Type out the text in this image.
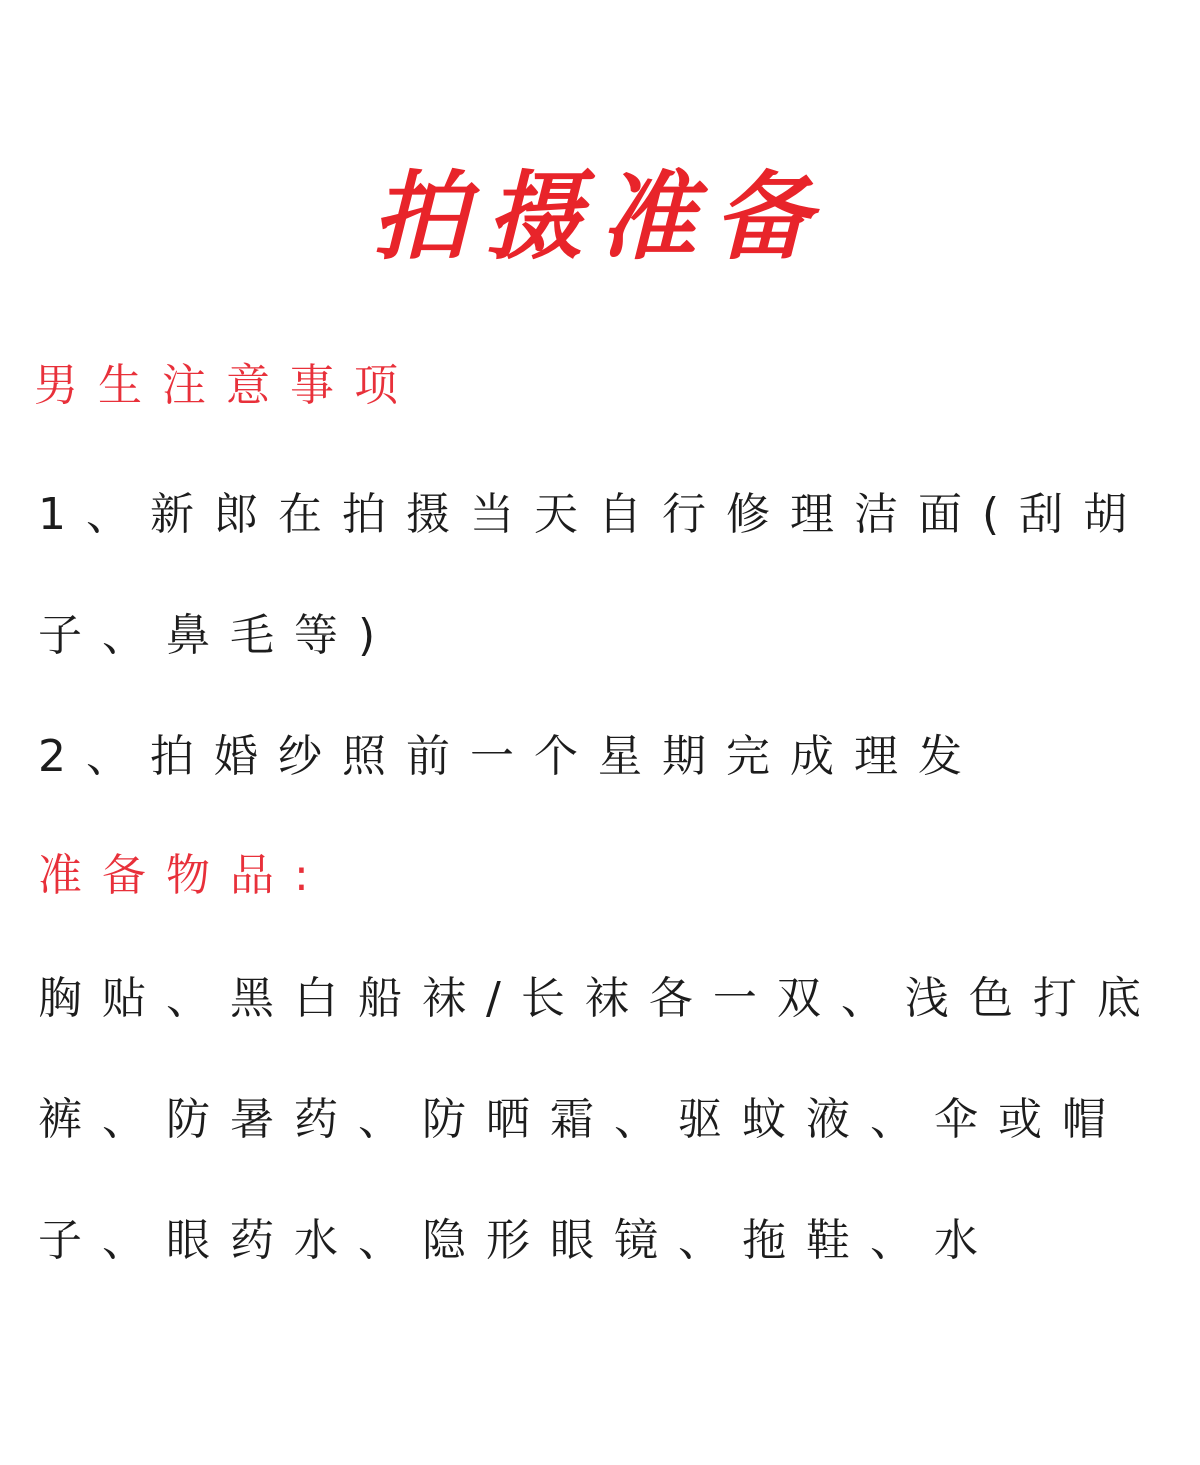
拍摄准备
男生注意事项
1、新郎在拍摄当天自行修理洁面(刮胡
子、鼻毛等)
2、拍婚纱照前一个星期完成理发
准备物品:
胸贴、黑白船袜/长袜各一双、浅色打底
裤、防暑药、防晒霜、驱蚊液、伞或帽
子、眼药水、隐形眼镜、拖鞋、水
